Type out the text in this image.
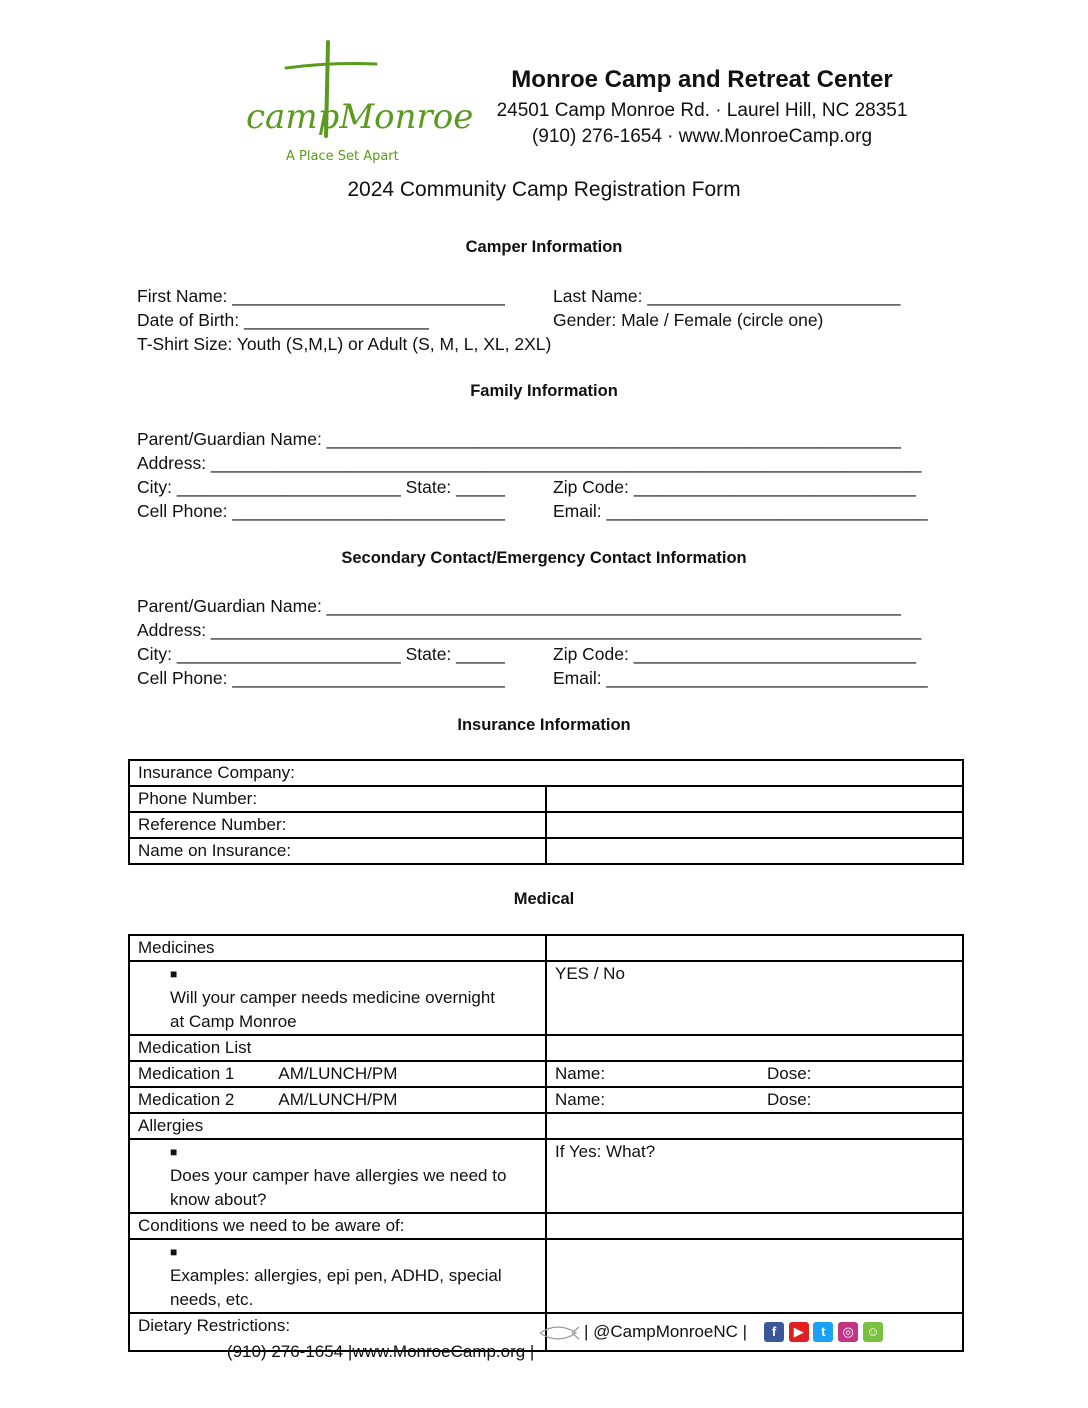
campMonroe
A Place Set Apart
Monroe Camp and Retreat Center
24501 Camp Monroe Rd. · Laurel Hill, NC 28351
(910) 276-1654 · www.MonroeCamp.org
2024 Community Camp Registration Form
Camper Information
First Name: ____________________________	Last Name: __________________________
Date of Birth: ___________________	Gender: Male / Female (circle one)
T-Shirt Size: Youth (S,M,L) or Adult (S, M, L, XL, 2XL)
Family Information
Parent/Guardian Name: ___________________________________________________________
Address: _________________________________________________________________________
City: _______________________ State: _____	Zip Code: _____________________________
Cell Phone: ____________________________	Email: _________________________________
Secondary Contact/Emergency Contact Information
Parent/Guardian Name: ___________________________________________________________
Address: _________________________________________________________________________
City: _______________________ State: _____	Zip Code: _____________________________
Cell Phone: ____________________________	Email: _________________________________
Insurance Information
Insurance Company:	
Phone Number:	
Reference Number:	
Name on Insurance:	
Medical
Medicines	
■Will your camper needs medicine overnight at Camp Monroe	YES / No
Medication List	
Medication 1 AM/LUNCH/PM	Name: Dose:

Medication 2 AM/LUNCH/PM	Name: Dose:

Allergies	
■Does your camper have allergies we need to know about?	If Yes: What?
Conditions we need to be aware of:	
■Examples: allergies, epi pen, ADHD, special needs, etc.	
Dietary Restrictions:	

(910) 276-1654 |www.MonroeCamp.org |

| @CampMonroeNC |	f ▶ t ◎ ☺
